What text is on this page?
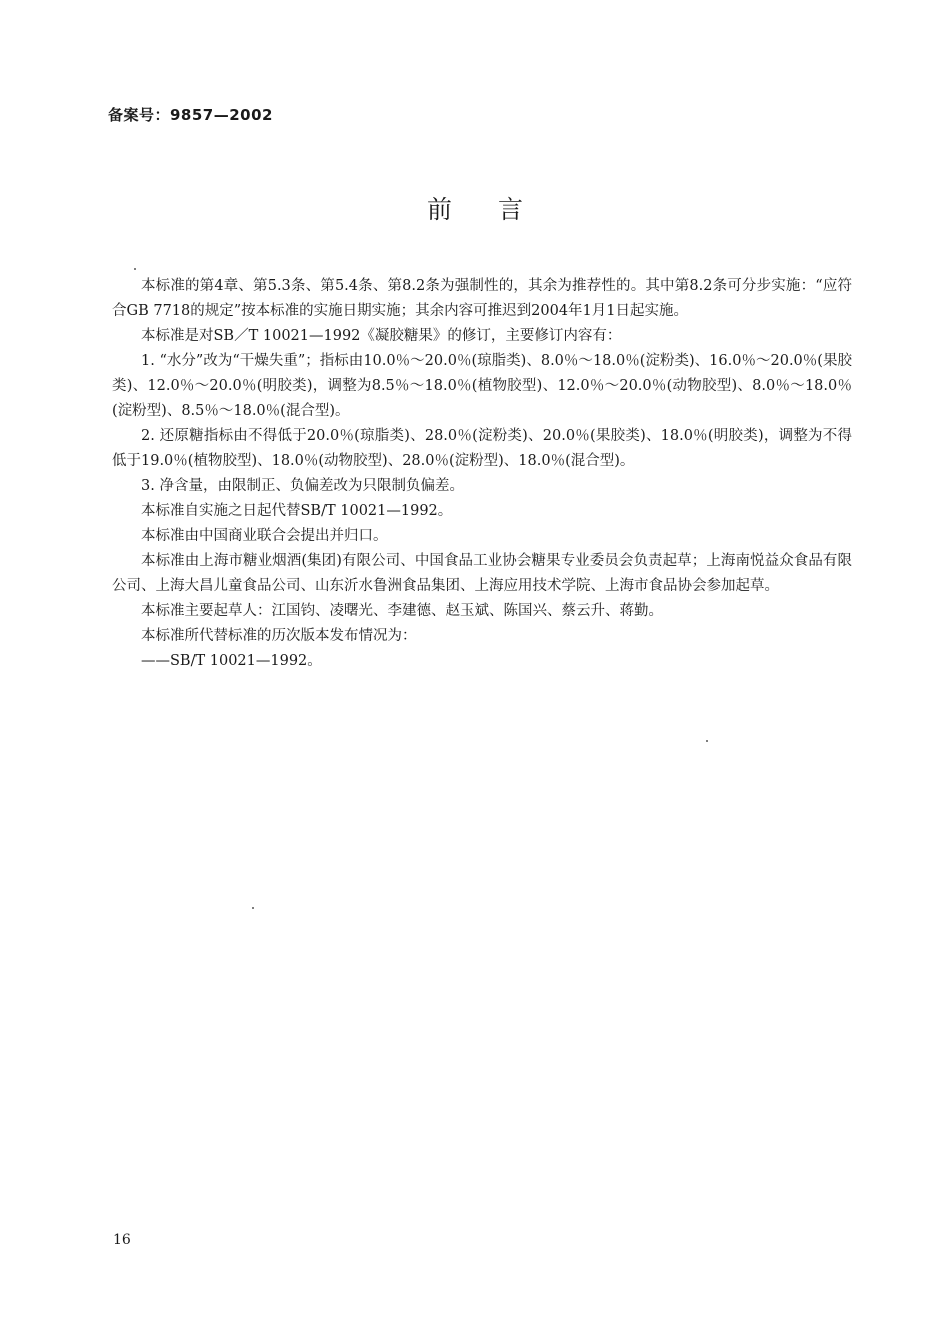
备案号：9857—2002
前言

本标准的第4章、第5.3条、第5.4条、第8.2条为强制性的，其余为推荐性的。其中第8.2条可分步实施：“应符合GB 7718的规定”按本标准的实施日期实施；其余内容可推迟到2004年1月1日起实施。

本标准是对SB／T 10021—1992《凝胶糖果》的修订，主要修订内容有：

1. “水分”改为“干燥失重”；指标由10.0％～20.0％(琼脂类)、8.0％～18.0％(淀粉类)、16.0％～20.0％(果胶类)、12.0％～20.0％(明胶类)，调整为8.5％～18.0％(植物胶型)、12.0％～20.0％(动物胶型)、8.0％～18.0％(淀粉型)、8.5％～18.0％(混合型)。

2. 还原糖指标由不得低于20.0％(琼脂类)、28.0％(淀粉类)、20.0％(果胶类)、18.0％(明胶类)，调整为不得低于19.0％(植物胶型)、18.0％(动物胶型)、28.0％(淀粉型)、18.0％(混合型)。

3. 净含量，由限制正、负偏差改为只限制负偏差。

本标准自实施之日起代替SB/T 10021—1992。

本标准由中国商业联合会提出并归口。

本标准由上海市糖业烟酒(集团)有限公司、中国食品工业协会糖果专业委员会负责起草；上海南悦益众食品有限公司、上海大昌儿童食品公司、山东沂水鲁洲食品集团、上海应用技术学院、上海市食品协会参加起草。

本标准主要起草人：江国钧、凌曙光、李建德、赵玉斌、陈国兴、蔡云升、蒋勤。

本标准所代替标准的历次版本发布情况为：

——SB/T 10021—1992。

16
